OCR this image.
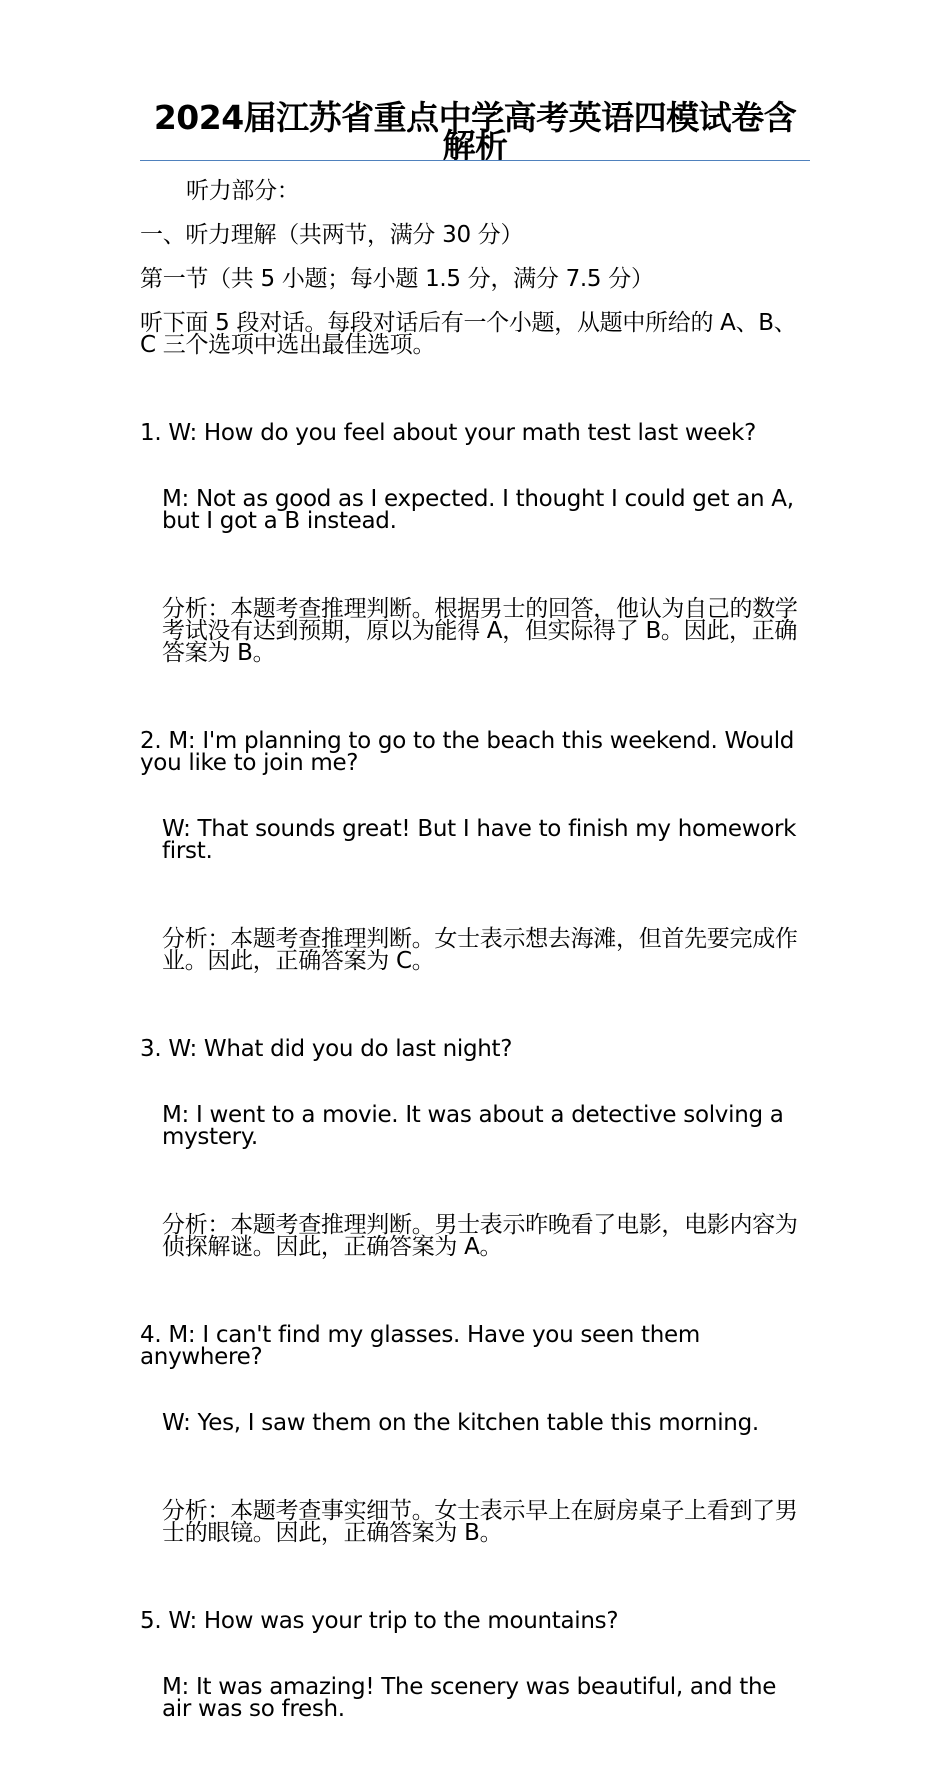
2024届江苏省重点中学高考英语四模试卷含解析

听力部分：

一、听力理解（共两节，满分 30 分）

第一节（共 5 小题；每小题 1.5 分，满分 7.5 分）

听下面 5 段对话。每段对话后有一个小题，从题中所给的 A、B、C 三个选项中选出最佳选项。

1. W: How do you feel about your math test last week?

M: Not as good as I expected. I thought I could get an A, but I got a B instead.

分析：本题考查推理判断。根据男士的回答，他认为自己的数学考试没有达到预期，原以为能得 A，但实际得了 B。因此，正确答案为 B。

2. M: I'm planning to go to the beach this weekend. Would you like to join me?

W: That sounds great! But I have to finish my homework first.

分析：本题考查推理判断。女士表示想去海滩，但首先要完成作业。因此，正确答案为 C。

3. W: What did you do last night?

M: I went to a movie. It was about a detective solving a mystery.

分析：本题考查推理判断。男士表示昨晚看了电影，电影内容为侦探解谜。因此，正确答案为 A。

4. M: I can't find my glasses. Have you seen them anywhere?

W: Yes, I saw them on the kitchen table this morning.

分析：本题考查事实细节。女士表示早上在厨房桌子上看到了男士的眼镜。因此，正确答案为 B。

5. W: How was your trip to the mountains?

M: It was amazing! The scenery was beautiful, and the air was so fresh.
